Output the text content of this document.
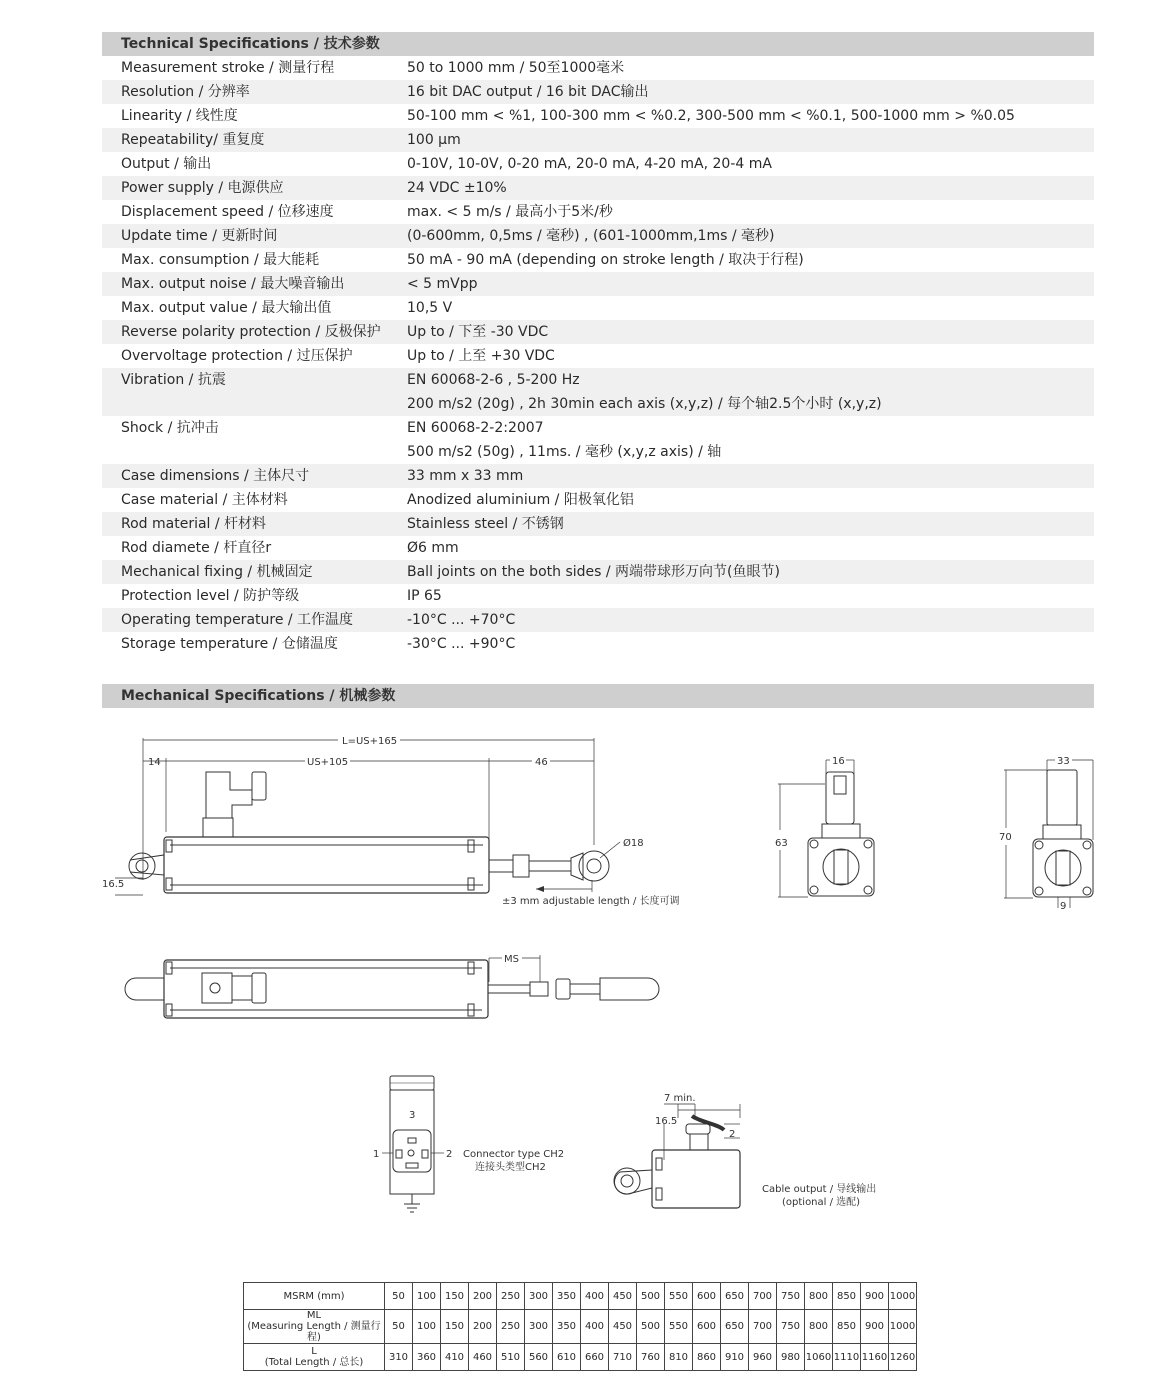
Technical Specifications / 技术参数
Measurement stroke / 测量行程	50 to 1000 mm / 50至1000毫米
Resolution / 分辨率	16 bit DAC output / 16 bit DAC输出
Linearity / 线性度	50-100 mm < %1, 100-300 mm < %0.2, 300-500 mm < %0.1, 500-1000 mm > %0.05
Repeatability/ 重复度	100 μm
Output / 输出	0-10V, 10-0V, 0-20 mA, 20-0 mA, 4-20 mA, 20-4 mA
Power supply / 电源供应	24 VDC ±10%
Displacement speed / 位移速度	max. < 5 m/s / 最高小于5米/秒
Update time / 更新时间	(0-600mm, 0,5ms / 毫秒) , (601-1000mm,1ms / 毫秒)
Max. consumption / 最大能耗	50 mA - 90 mA (depending on stroke length / 取决于行程)
Max. output noise / 最大噪音输出	< 5 mVpp
Max. output value / 最大输出值	10,5 V
Reverse polarity protection / 反极保护	Up to / 下至 -30 VDC
Overvoltage protection / 过压保护	Up to / 上至 +30 VDC
Vibration / 抗震	EN 60068-2-6 , 5-200 Hz
200 m/s2 (20g) , 2h 30min each axis (x,y,z) / 每个轴2.5个小时 (x,y,z)
Shock / 抗冲击	EN 60068-2-2:2007
500 m/s2 (50g) , 11ms. / 毫秒 (x,y,z axis) / 轴
Case dimensions / 主体尺寸	33 mm x 33 mm
Case material / 主体材料	Anodized aluminium / 阳极氧化铝
Rod material / 杆材料	Stainless steel / 不锈钢
Rod diamete / 杆直径r	Ø6 mm
Mechanical fixing / 机械固定	Ball joints on the both sides / 两端带球形万向节(鱼眼节)
Protection level / 防护等级	IP 65
Operating temperature / 工作温度	-10°C ... +70°C
Storage temperature / 仓储温度	-30°C ... +90°C
Mechanical Specifications / 机械参数
L=US+165
14	US+105	46
16.5
Ø18
±3 mm adjustable length / 长度可调
16
63
33
70
9
MS
3
1	2 Connector type CH2
连接头类型CH2
7 min.
16.5
2
Cable output / 导线输出
(optional / 选配)
MSRM (mm)	50	100	150	200	250	300	350	400	450	500	550	600	650	700	750	800	850	900	1000
ML
(Measuring Length / 测量行程)	50	100	150	200	250	300	350	400	450	500	550	600	650	700	750	800	850	900	1000
L
(Total Length / 总长)	310	360	410	460	510	560	610	660	710	760	810	860	910	960	980	1060	1110	1160	1260
